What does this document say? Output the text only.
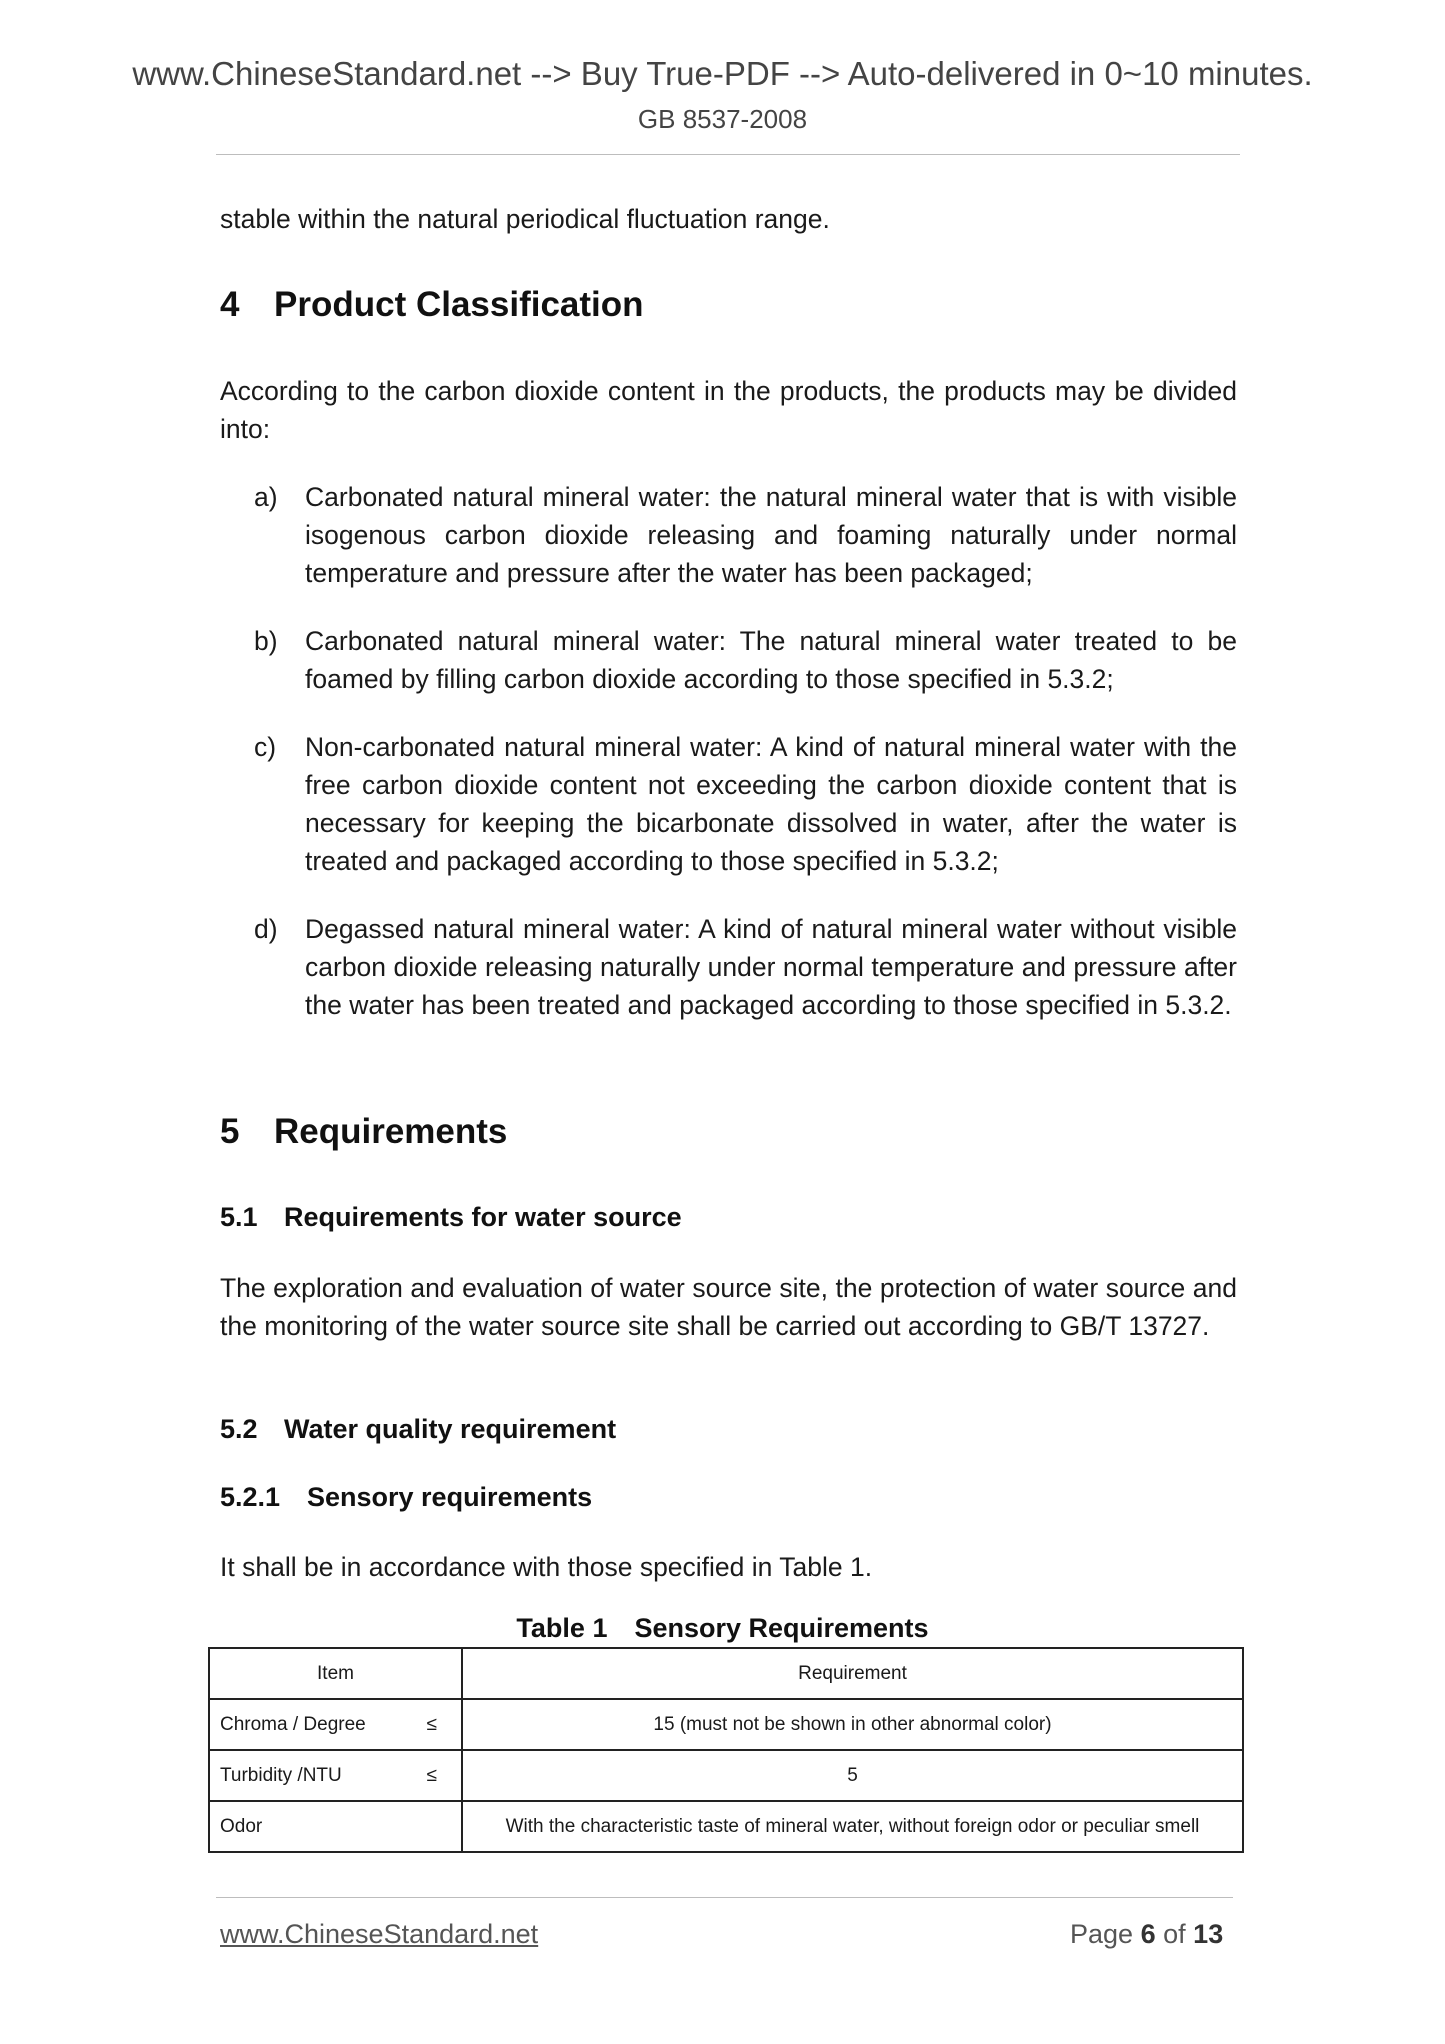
www.ChineseStandard.net --> Buy True-PDF --> Auto-delivered in 0~10 minutes.
GB 8537-2008
stable within the natural periodical fluctuation range.
4 Product Classification
According to the carbon dioxide content in the products, the products may be divided into:
a)	Carbonated natural mineral water: the natural mineral water that is with visible isogenous carbon dioxide releasing and foaming naturally under normal temperature and pressure after the water has been packaged;
b)	Carbonated natural mineral water: The natural mineral water treated to be foamed by filling carbon dioxide according to those specified in 5.3.2;
c)	Non-carbonated natural mineral water: A kind of natural mineral water with the free carbon dioxide content not exceeding the carbon dioxide content that is necessary for keeping the bicarbonate dissolved in water, after the water is treated and packaged according to those specified in 5.3.2;
d)	Degassed natural mineral water: A kind of natural mineral water without visible carbon dioxide releasing naturally under normal temperature and pressure after the water has been treated and packaged according to those specified in 5.3.2.
5 Requirements
5.1 Requirements for water source
The exploration and evaluation of water source site, the protection of water source and the monitoring of the water source site shall be carried out according to GB/T 13727.
5.2 Water quality requirement
5.2.1 Sensory requirements
It shall be in accordance with those specified in Table 1.
Table 1 Sensory Requirements
Item	Requirement

Chroma / Degree ≤	15 (must not be shown in other abnormal color)

Turbidity /NTU ≤	5

Odor	With the characteristic taste of mineral water, without foreign odor or peculiar smell
www.ChineseStandard.net	Page 6 of 13
